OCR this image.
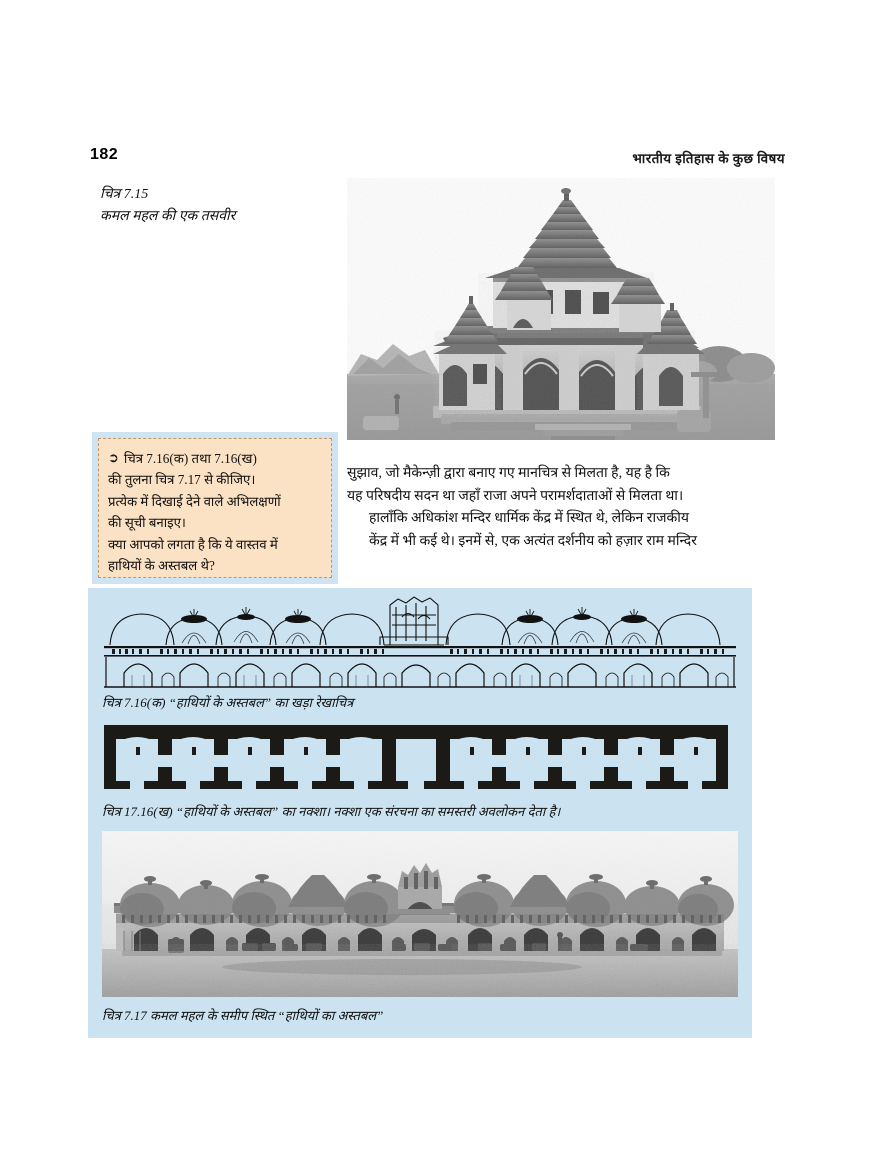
182	भारतीय इतिहास के कुछ विषय
चित्र 7.15
कमल महल की एक तसवीर
➲ चित्र 7.16(क) तथा 7.16(ख)
की तुलना चित्र 7.17 से कीजिए।
प्रत्येक में दिखाई देने वाले अभिलक्षणों
की सूची बनाइए।
क्या आपको लगता है कि ये वास्तव में
हाथियों के अस्तबल थे?

सुझाव, जो मैकेन्ज़ी द्वारा बनाए गए मानचित्र से मिलता है, यह है कि
यह परिषदीय सदन था जहाँ राजा अपने परामर्शदाताओं से मिलता था।

हालाँकि अधिकांश मन्दिर धार्मिक केंद्र में स्थित थे, लेकिन राजकीय
केंद्र में भी कई थे। इनमें से, एक अत्यंत दर्शनीय को हज़ार राम मन्दिर

चित्र 7.16(क) “हाथियों के अस्तबल” का खड़ा रेखाचित्र
चित्र 17.16(ख) “हाथियों के अस्तबल” का नक्शा। नक्शा एक संरचना का समस्तरी अवलोकन देता है।
चित्र 7.17 कमल महल के समीप स्थित “हाथियों का अस्तबल”
